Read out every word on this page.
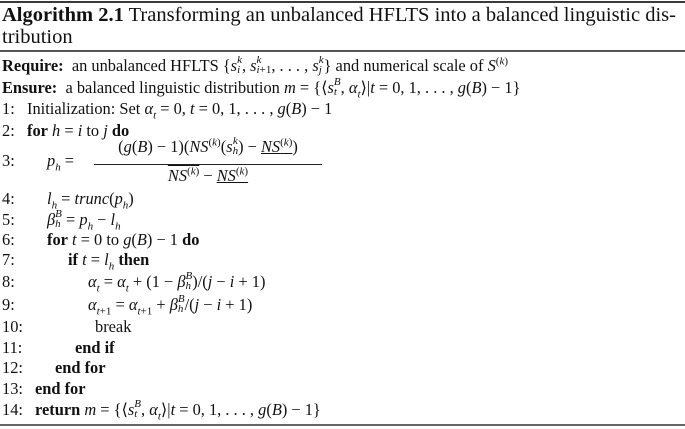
Algorithm 2.1 Transforming an unbalanced HFLTS into a balanced linguistic dis-
tribution
Require:  an unbalanced HFLTS {s k
i , s k
i+1 , . . . , s k
j } and numerical scale of $S^{(k)}$
Ensure:  a balanced linguistic distribution m = {⟨s B
t , $\alpha_t⟩|t = 0$, 1, . . . , g(B) − 1}
1: Initialization: Set $\alpha_t = 0$, t = 0, 1, . . . , g(B) − 1
2: for h = i to j do
3:	$p_h$ =
$(g(B) - 1)(NS^{(k)}(s$ k
h ) − $NS^{(k)}$)
$NS^{(k)} - NS^{(k)}$
4:	$l_h$ = $trunc(p_h)$
5:	β B
$h = p_h - l_h$
6:	for t = 0 to g(B) − 1 do
7:	if $t = l_h$ then
8:	$\alpha_t = \alpha_t + (1 - \beta$ B
h )/(j − i + 1)
9:	$\alpha_{t+1} = \alpha_{t+1} + \beta$ B
h /(j − i + 1)
10:	break
11:	end if
12:	end for
13: end for
14: return m = {⟨s B
t , $\alpha_t⟩|t = 0$, 1, . . . , g(B) − 1}
